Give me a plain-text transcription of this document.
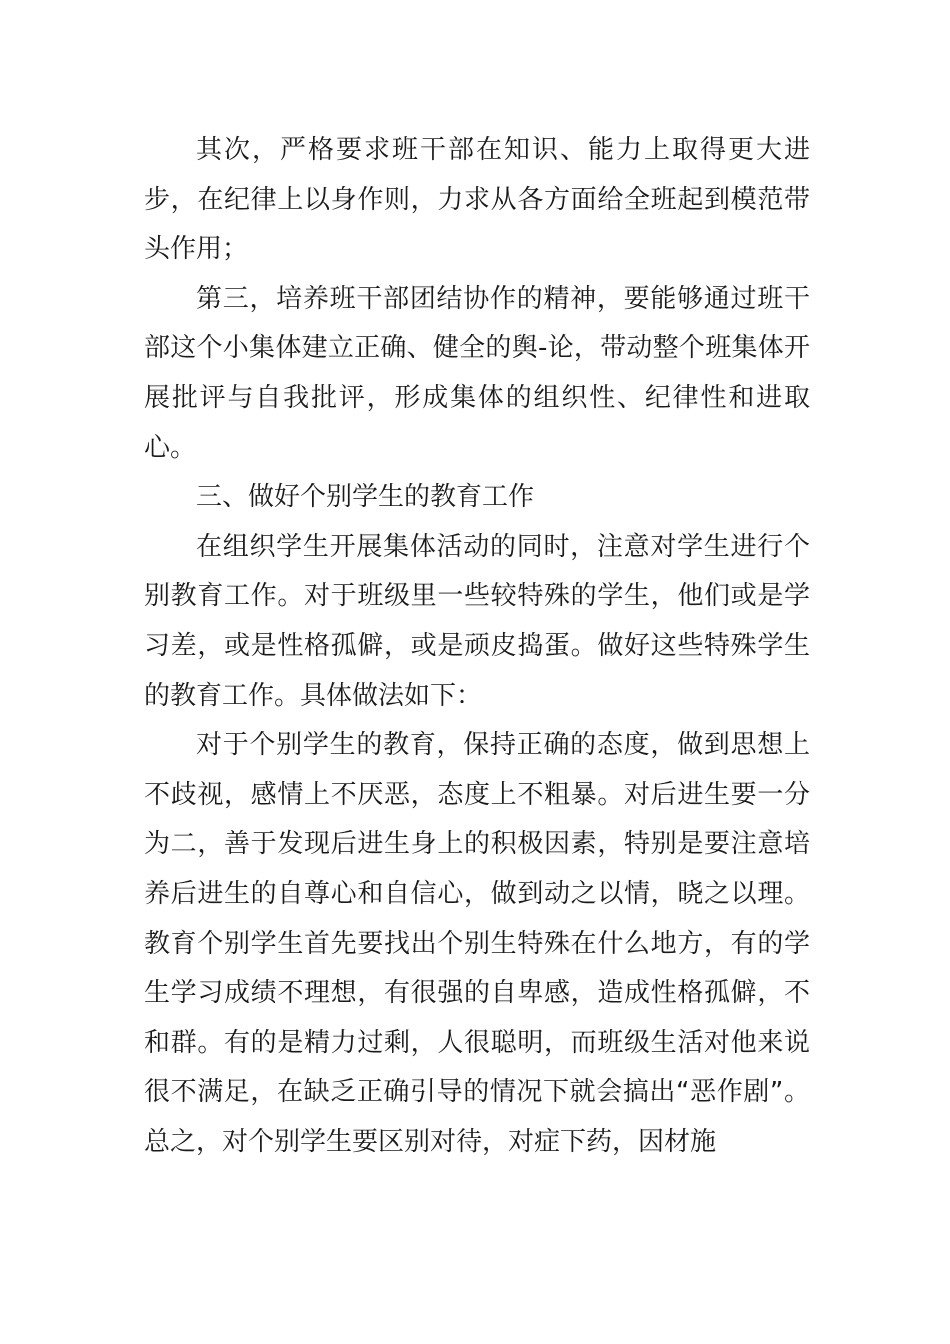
其次，严格要求班干部在知识、能力上取得更大进步，在纪律上以身作则，力求从各方面给全班起到模范带头作用；

第三，培养班干部团结协作的精神，要能够通过班干部这个小集体建立正确、健全的舆-论，带动整个班集体开展批评与自我批评，形成集体的组织性、纪律性和进取心。

三、做好个别学生的教育工作

在组织学生开展集体活动的同时，注意对学生进行个别教育工作。对于班级里一些较特殊的学生，他们或是学习差，或是性格孤僻，或是顽皮捣蛋。做好这些特殊学生的教育工作。具体做法如下：

对于个别学生的教育，保持正确的态度，做到思想上不歧视，感情上不厌恶，态度上不粗暴。对后进生要一分为二，善于发现后进生身上的积极因素，特别是要注意培养后进生的自尊心和自信心，做到动之以情，晓之以理。教育个别学生首先要找出个别生特殊在什么地方，有的学生学习成绩不理想，有很强的自卑感，造成性格孤僻，不和群。有的是精力过剩，人很聪明，而班级生活对他来说很不满足，在缺乏正确引导的情况下就会搞出“恶作剧”。总之，对个别学生要区别对待，对症下药，因材施
